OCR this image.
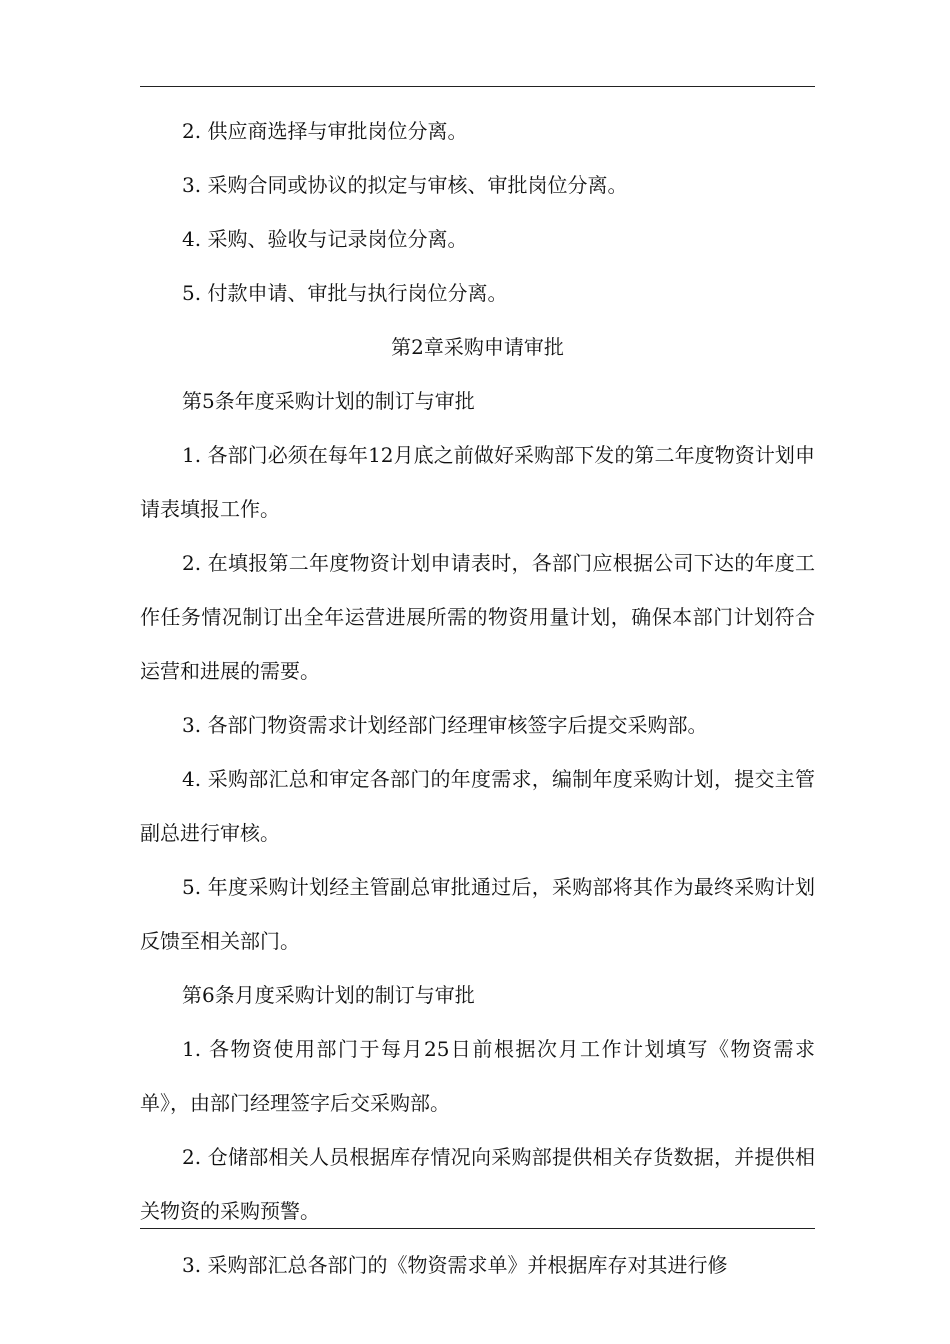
2. 供应商选择与审批岗位分离。

3. 采购合同或协议的拟定与审核、审批岗位分离。

4. 采购、验收与记录岗位分离。

5. 付款申请、审批与执行岗位分离。

第2章采购申请审批

第5条年度采购计划的制订与审批

1. 各部门必须在每年12月底之前做好采购部下发的第二年度物资计划申请表填报工作。

2. 在填报第二年度物资计划申请表时，各部门应根据公司下达的年度工作任务情况制订出全年运营进展所需的物资用量计划，确保本部门计划符合运营和进展的需要。

3. 各部门物资需求计划经部门经理审核签字后提交采购部。

4. 采购部汇总和审定各部门的年度需求，编制年度采购计划，提交主管副总进行审核。

5. 年度采购计划经主管副总审批通过后，采购部将其作为最终采购计划反馈至相关部门。

第6条月度采购计划的制订与审批

1. 各物资使用部门于每月25日前根据次月工作计划填写《物资需求单》，由部门经理签字后交采购部。

2. 仓储部相关人员根据库存情况向采购部提供相关存货数据，并提供相关物资的采购预警。

3. 采购部汇总各部门的《物资需求单》并根据库存对其进行修
